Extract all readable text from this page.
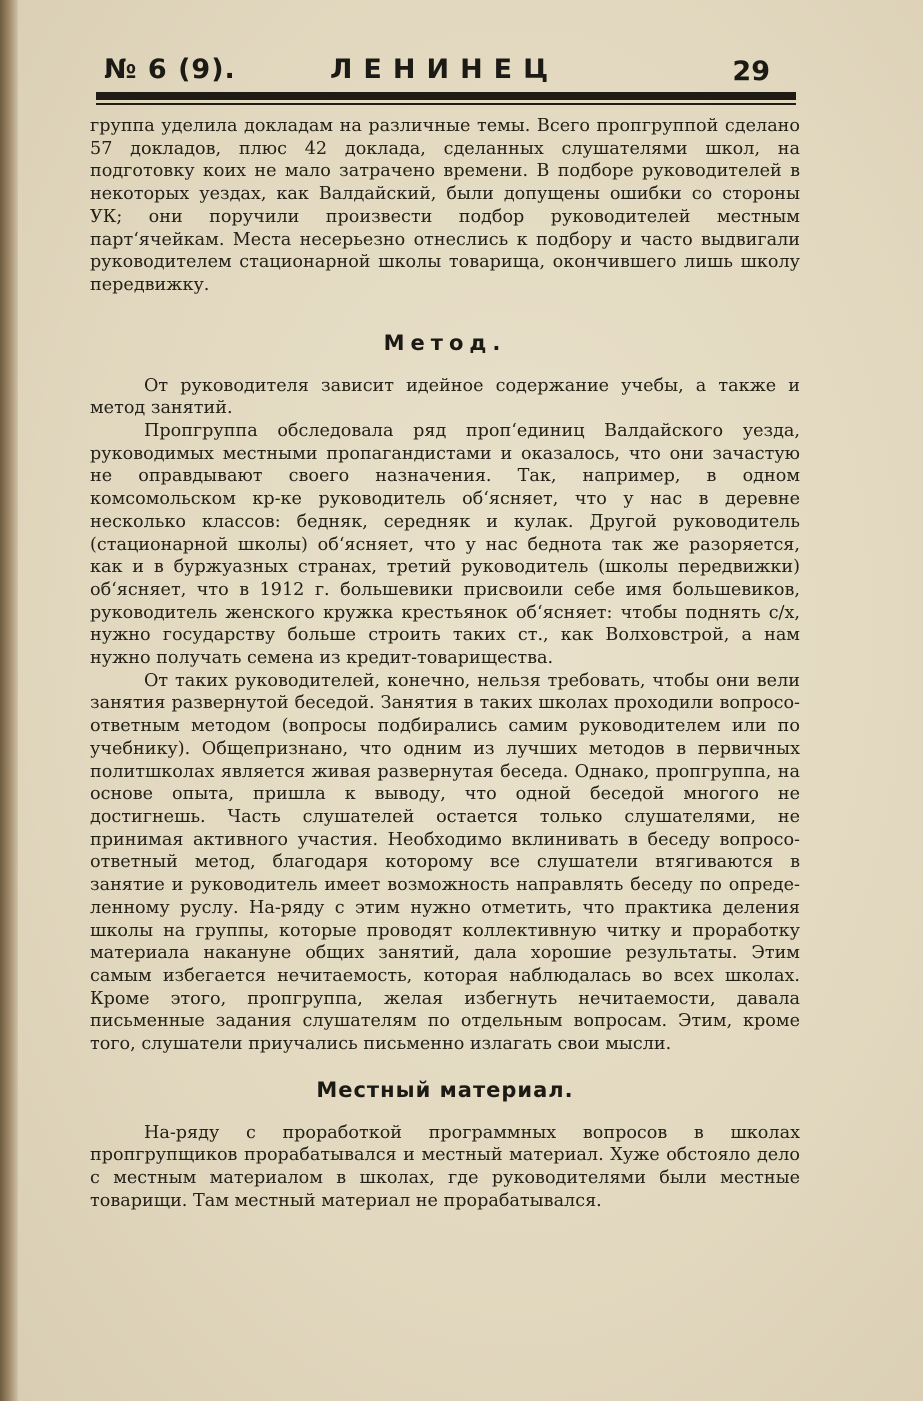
№ 6 (9).	ЛЕНИНЕЦ	29

группа уделила докладам на различные темы. Всего пропгруппой сделано 57 докладов, плюс 42 доклада, сделанных слушателями школ, на подготовку коих не мало затрачено времени. В подборе руководителей в некоторых уездах, как Валдайский, были допущены ошибки со стороны УК; они поручили произвести подбор руководителей местным парт‘ячейкам. Места несерьезно отнеслись к подбору и часто выдвигали руководителем стационарной школы товарища, окончившего лишь школу передвижку.

Метод.

От руководителя зависит идейное содержание учебы, а также и метод занятий.

Пропгруппа обследовала ряд проп‘единиц Валдайского уезда, руководимых местными пропагандистами и оказалось, что они зачастую не оправдывают своего назначения. Так, например, в одном комсомольском кр-ке руководитель об‘ясняет, что у нас в деревне несколько классов: бедняк, середняк и кулак. Другой руководитель (стационарной школы) об‘ясняет, что у нас беднота так же разоряется, как и в буржуазных странах, третий руководитель (школы передвижки) об‘ясняет, что в 1912 г. большевики присвоили себе имя большевиков, руководитель женского кружка крестьянок об‘ясняет: чтобы поднять с/х, нужно государству больше строить таких ст., как Волховстрой, а нам нужно получать семена из кредит-товарищества.

От таких руководителей, конечно, нельзя требовать, чтобы они вели занятия развернутой беседой. Занятия в таких школах проходили вопросо-ответным методом (вопросы подбирались самим руководителем или по учебнику). Общепризнано, что одним из лучших методов в первичных политшколах является живая развернутая беседа. Однако, пропгруппа, на основе опыта, пришла к выводу, что одной беседой многого не достигнешь. Часть слушателей остается только слушателями, не принимая активного участия. Необходимо вклинивать в беседу вопросо-ответный метод, благодаря которому все слушатели втягиваются в занятие и руководитель имеет возможность направлять беседу по определенному руслу. На-ряду с этим нужно отметить, что практика деления школы на группы, которые проводят коллективную читку и проработку материала накануне общих занятий, дала хорошие результаты. Этим самым избегается нечитаемость, которая наблюдалась во всех школах. Кроме этого, пропгруппа, желая избегнуть нечитаемости, давала письменные задания слушателям по отдельным вопросам. Этим, кроме того, слушатели приучались письменно излагать свои мысли.

Местный материал.

На-ряду с проработкой программных вопросов в школах пропгрупщиков прорабатывался и местный материал. Хуже обстояло дело с местным материалом в школах, где руководителями были местные товарищи. Там местный материал не прорабатывался.
